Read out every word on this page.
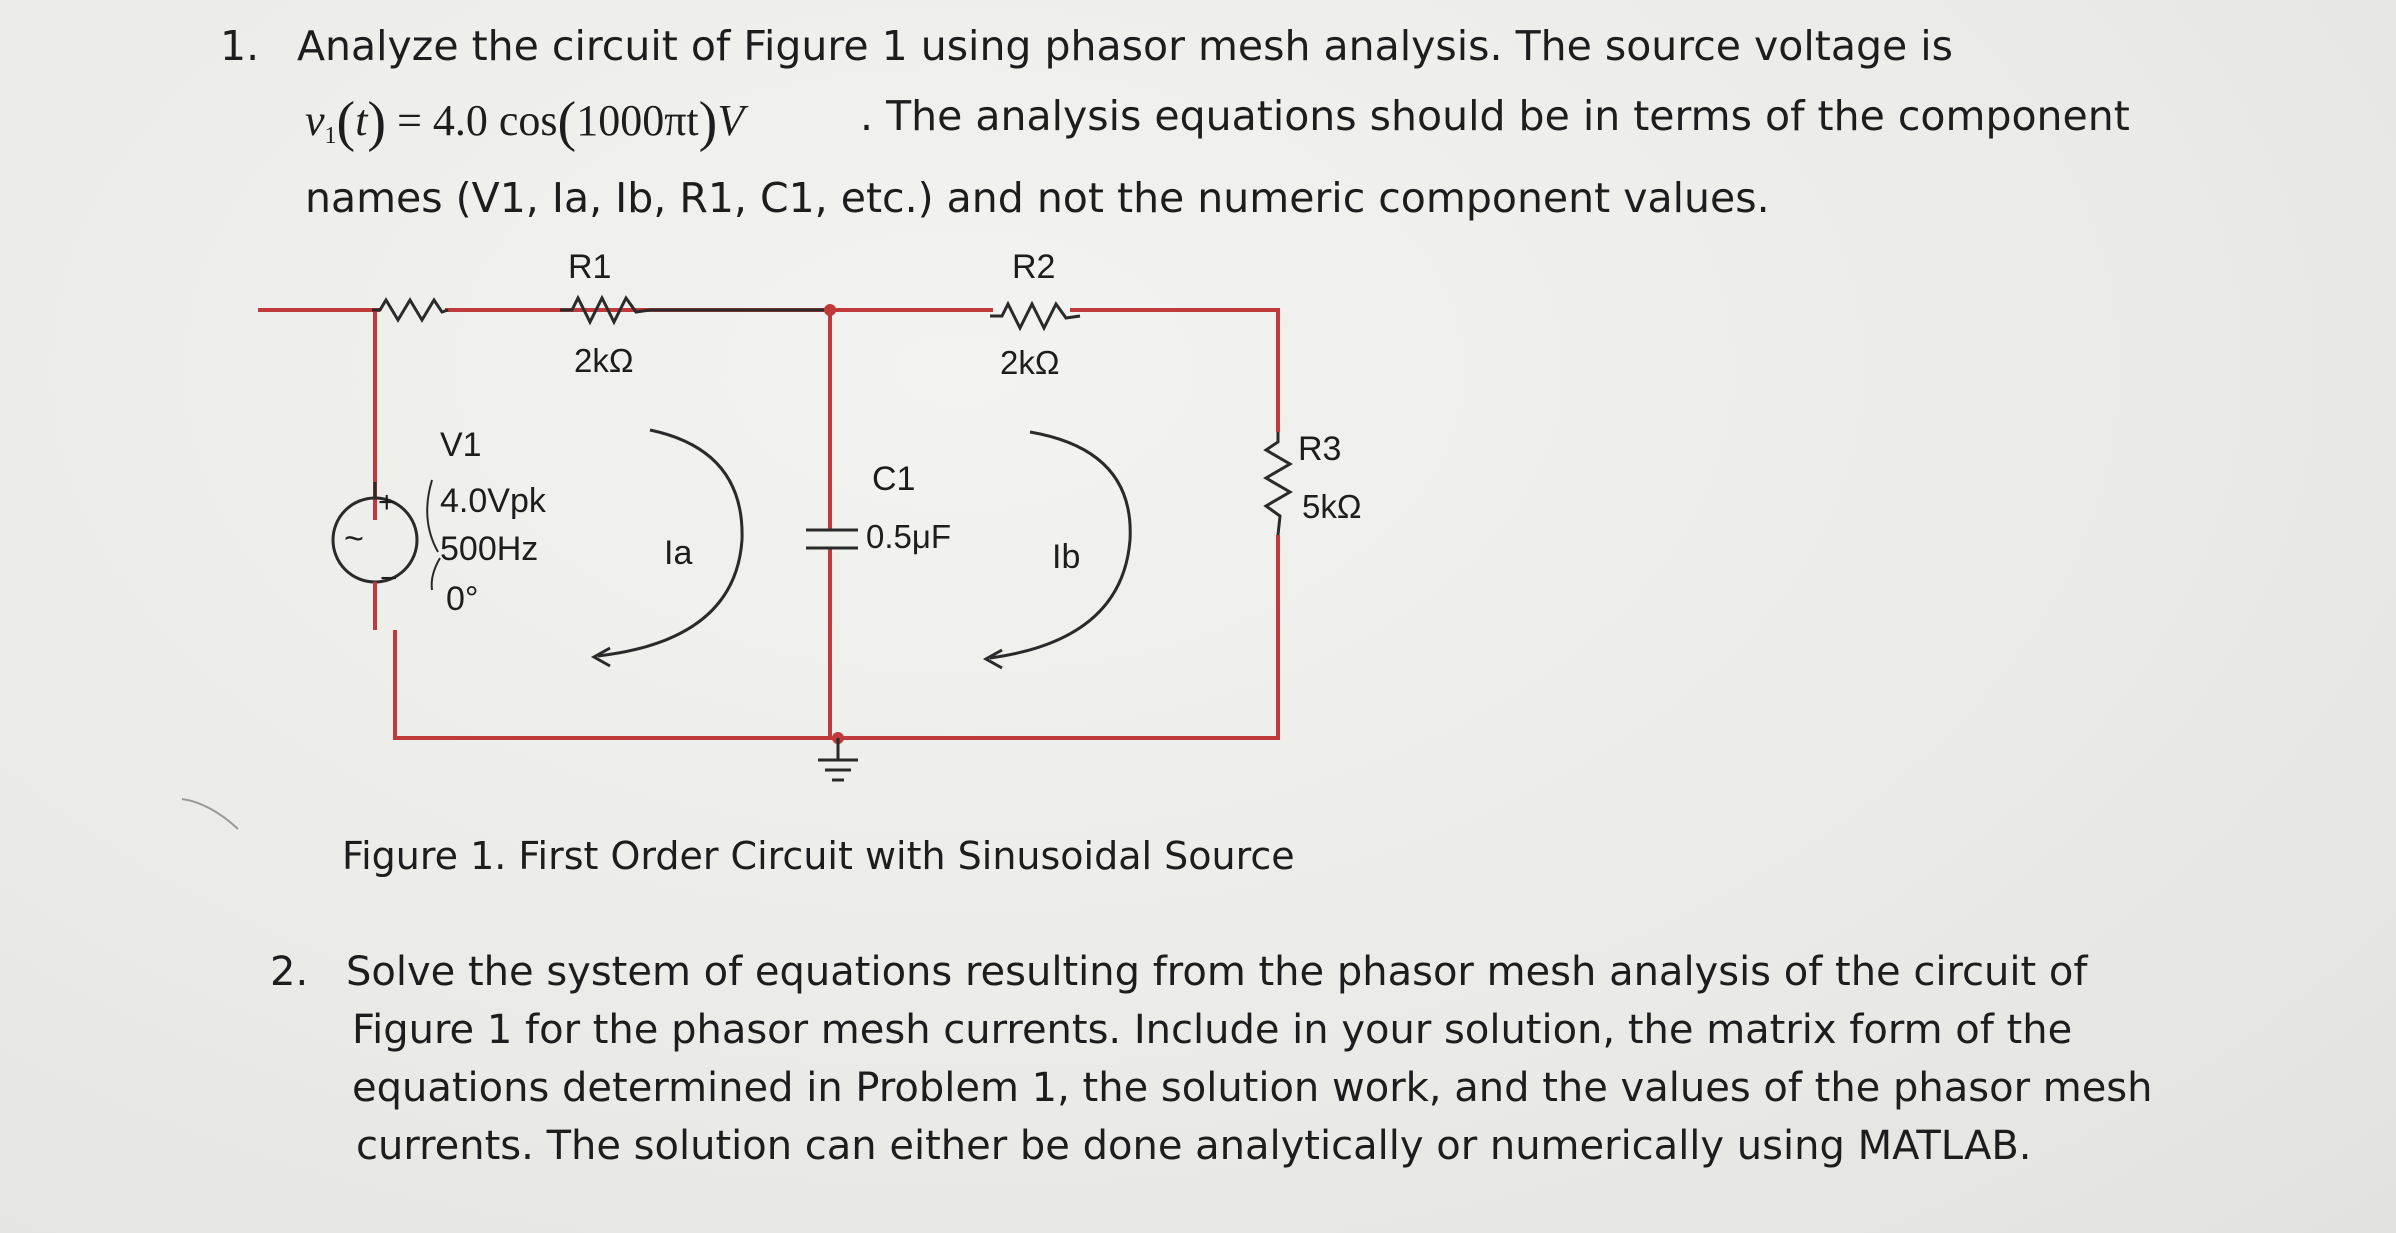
1. Analyze the circuit of Figure 1 using phasor mesh analysis. The source voltage is
$v_1(t) = 4.0$ cos(1000πt)V	. The analysis equations should be in terms of the component
names (V1, Ia, Ib, R1, C1, etc.) and not the numeric component values.
R1
2kΩ
R2
2kΩ
R3
5kΩ
C1
0.5μF
+
~
−
V1
4.0Vpk
500Hz
0°
Ia	Ib
Figure 1. First Order Circuit with Sinusoidal Source
2. Solve the system of equations resulting from the phasor mesh analysis of the circuit of
Figure 1 for the phasor mesh currents. Include in your solution, the matrix form of the
equations determined in Problem 1, the solution work, and the values of the phasor mesh
currents. The solution can either be done analytically or numerically using MATLAB.
